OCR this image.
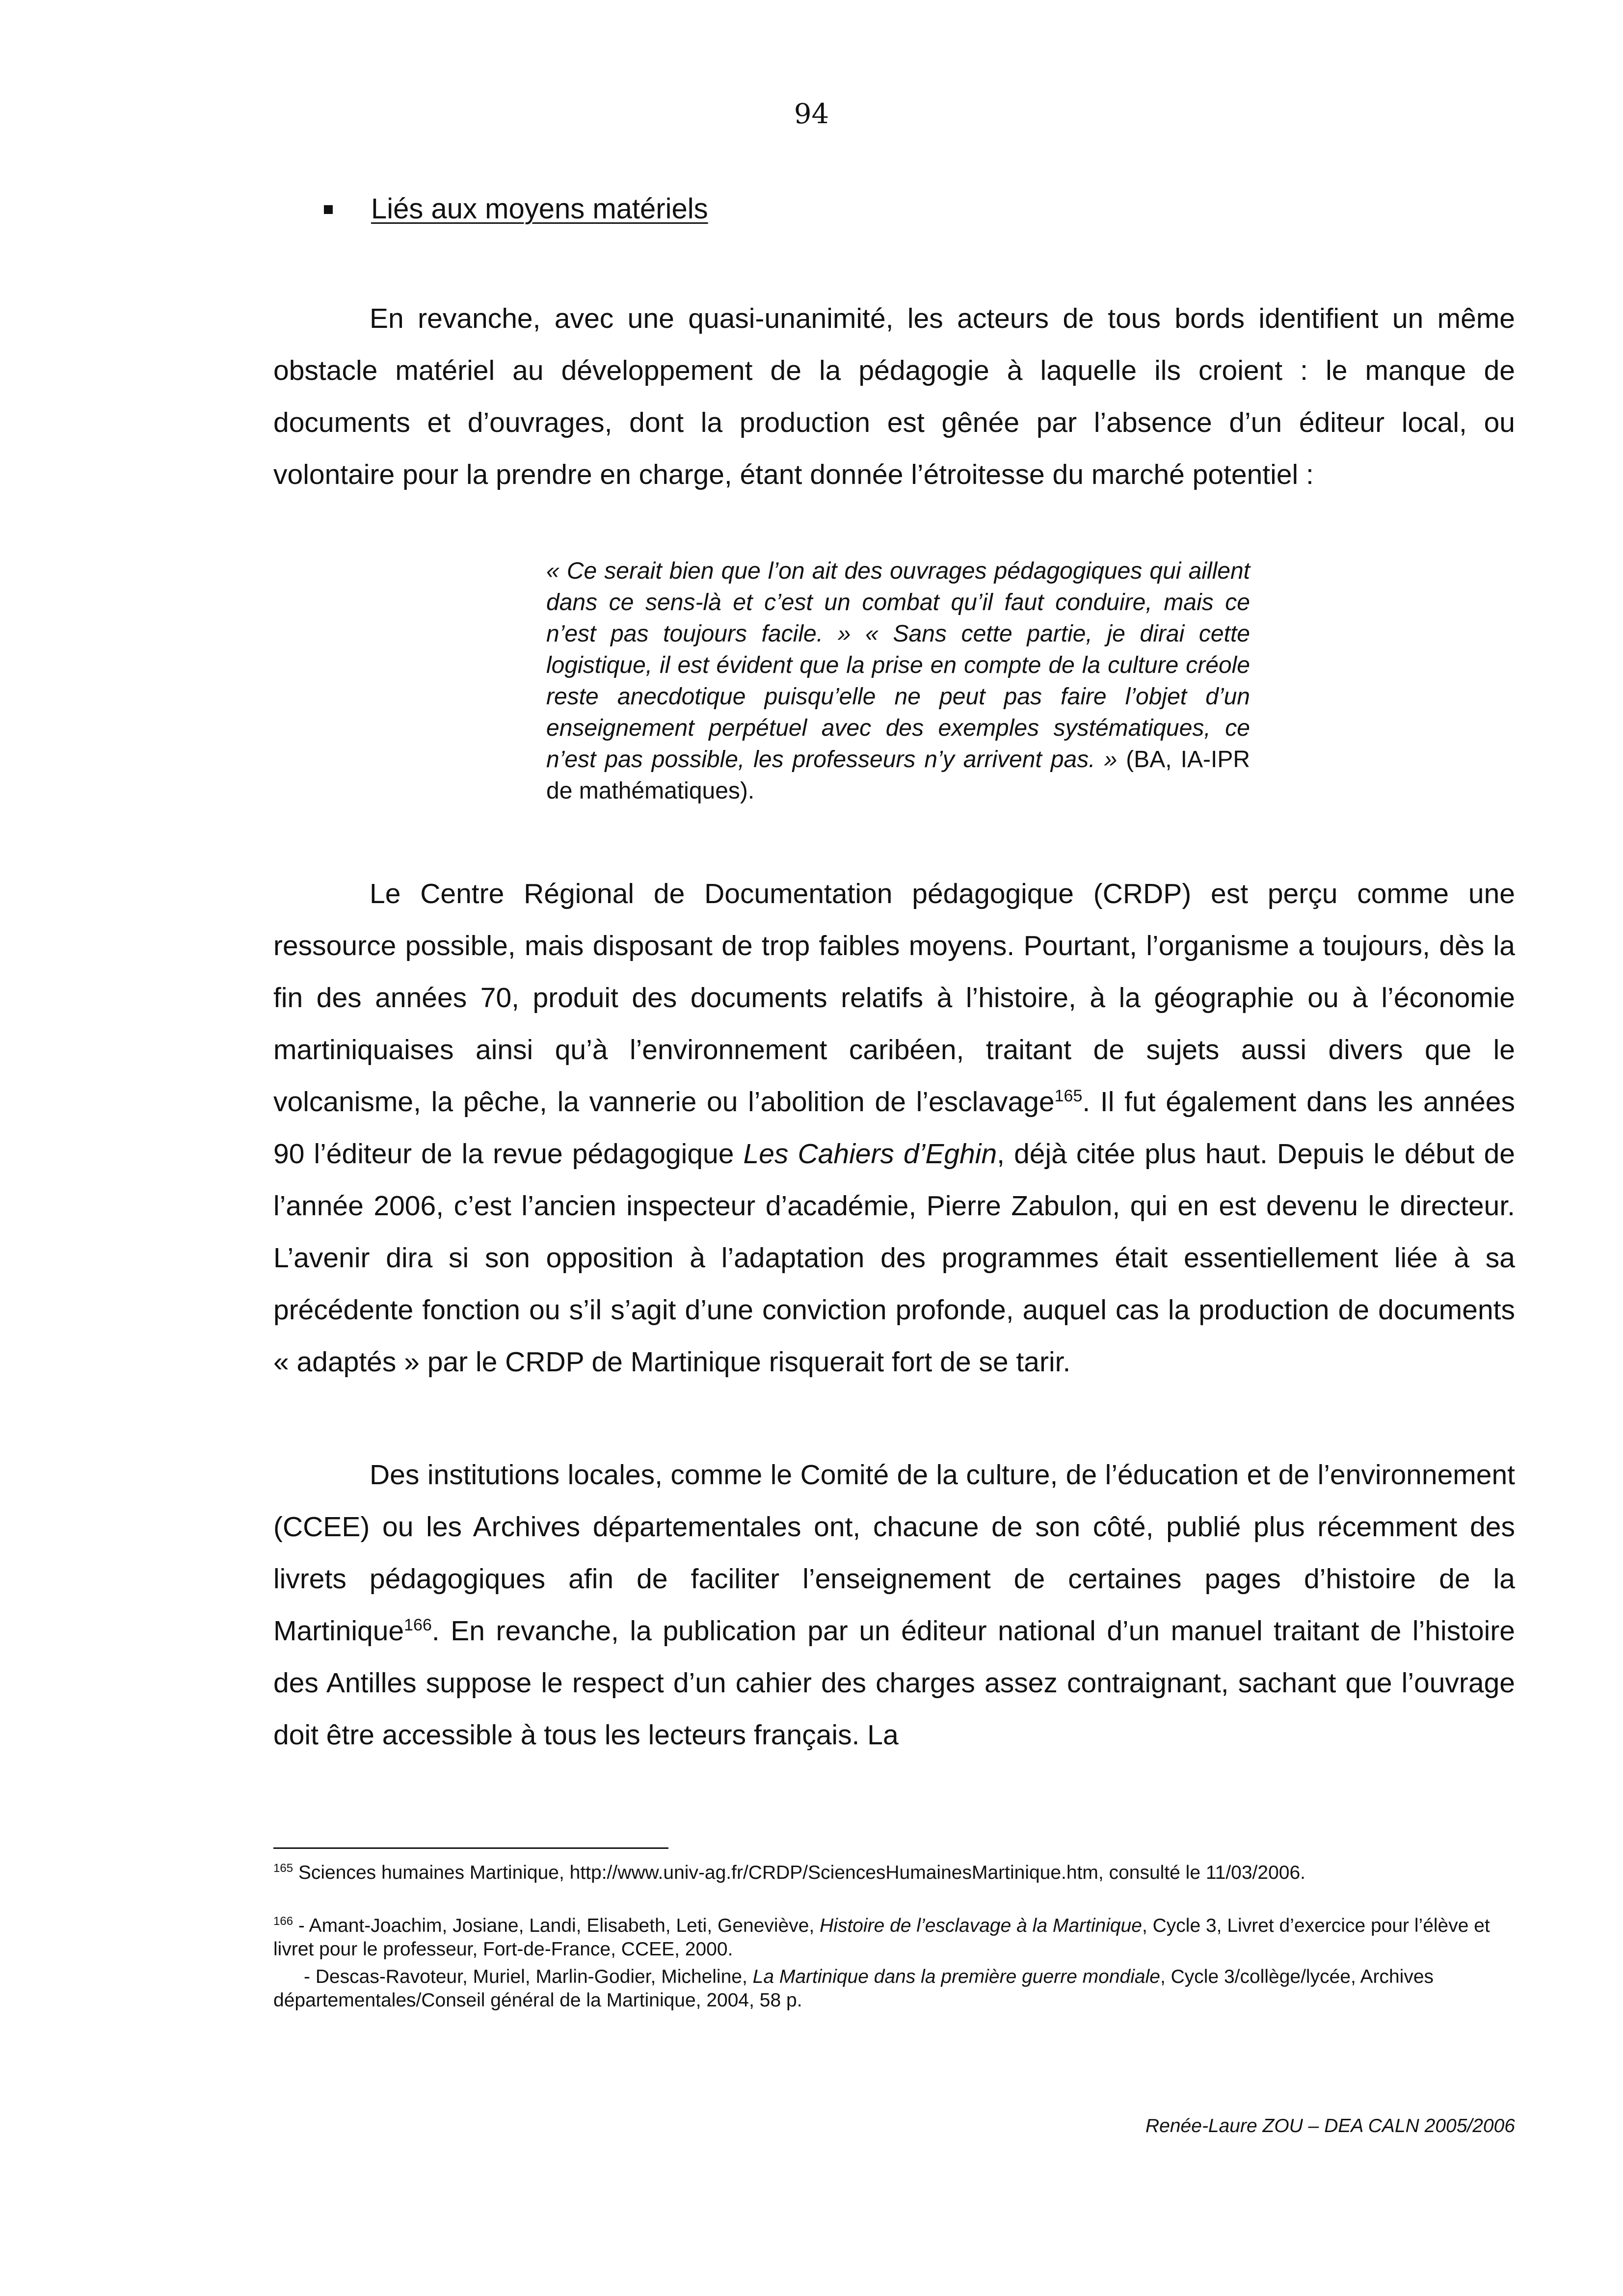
94
Liés aux moyens matériels

En revanche, avec une quasi-unanimité, les acteurs de tous bords identifient un même obstacle matériel au développement de la pédagogie à laquelle ils croient : le manque de documents et d’ouvrages, dont la production est gênée par l’absence d’un éditeur local, ou volontaire pour la prendre en charge, étant donnée l’étroitesse du marché potentiel :

« Ce serait bien que l’on ait des ouvrages pédagogiques qui aillent dans ce sens-là et c’est un combat qu’il faut conduire, mais ce n’est pas toujours facile. » « Sans cette partie, je dirai cette logistique, il est évident que la prise en compte de la culture créole reste anecdotique puisqu’elle ne peut pas faire l’objet d’un enseignement perpétuel avec des exemples systématiques, ce n’est pas possible, les professeurs n’y arrivent pas. » (BA, IA-IPR de mathématiques).

Le Centre Régional de Documentation pédagogique (CRDP) est perçu comme une ressource possible, mais disposant de trop faibles moyens. Pourtant, l’organisme a toujours, dès la fin des années 70, produit des documents relatifs à l’histoire, à la géographie ou à l’économie martiniquaises ainsi qu’à l’environnement caribéen, traitant de sujets aussi divers que le volcanisme, la pêche, la vannerie ou l’abolition de l’esclavage$^{165}$. Il fut également dans les années 90 l’éditeur de la revue pédagogique Les Cahiers d’Eghin, déjà citée plus haut. Depuis le début de l’année 2006, c’est l’ancien inspecteur d’académie, Pierre Zabulon, qui en est devenu le directeur. L’avenir dira si son opposition à l’adaptation des programmes était essentiellement liée à sa précédente fonction ou s’il s’agit d’une conviction profonde, auquel cas la production de documents « adaptés » par le CRDP de Martinique risquerait fort de se tarir.

Des institutions locales, comme le Comité de la culture, de l’éducation et de l’environnement (CCEE) ou les Archives départementales ont, chacune de son côté, publié plus récemment des livrets pédagogiques afin de faciliter l’enseignement de certaines pages d’histoire de la Martinique$^{166}$. En revanche, la publication par un éditeur national d’un manuel traitant de l’histoire des Antilles suppose le respect d’un cahier des charges assez contraignant, sachant que l’ouvrage doit être accessible à tous les lecteurs français. La

$^{165}$ Sciences humaines Martinique, http://www.univ-ag.fr/CRDP/SciencesHumainesMartinique.htm, consulté le 11/03/2006.

$^{166}$ - Amant-Joachim, Josiane, Landi, Elisabeth, Leti, Geneviève, Histoire de l’esclavage à la Martinique, Cycle 3, Livret d’exercice pour l’élève et livret pour le professeur, Fort-de-France, CCEE, 2000.

- Descas-Ravoteur, Muriel, Marlin-Godier, Micheline, La Martinique dans la première guerre mondiale, Cycle 3/collège/lycée, Archives départementales/Conseil général de la Martinique, 2004, 58 p.

Renée-Laure ZOU – DEA CALN 2005/2006
